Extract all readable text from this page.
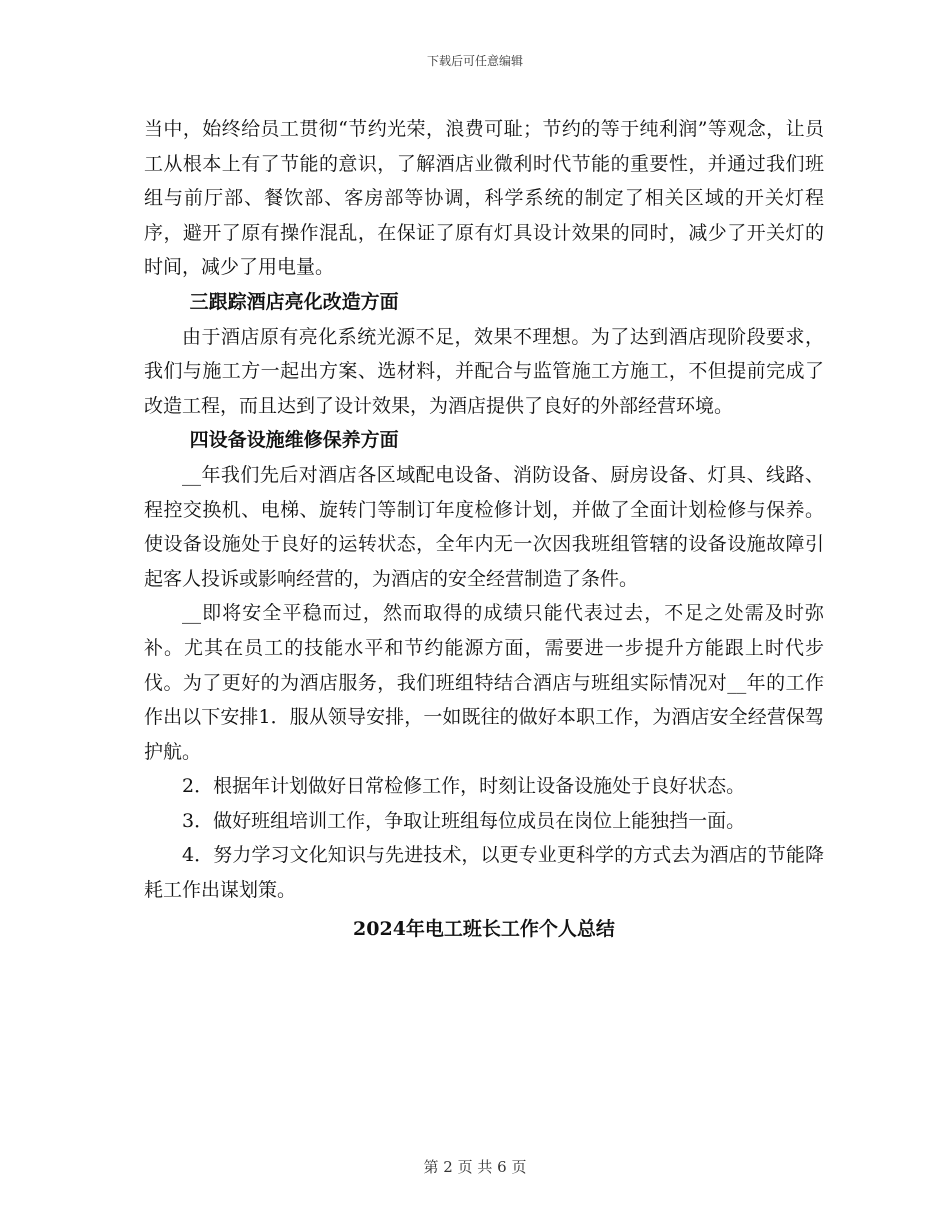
下载后可任意编辑

当中，始终给员工贯彻“节约光荣，浪费可耻；节约的等于纯利润”等观念，让员工从根本上有了节能的意识，了解酒店业微利时代节能的重要性，并通过我们班组与前厅部、餐饮部、客房部等协调，科学系统的制定了相关区域的开关灯程序，避开了原有操作混乱，在保证了原有灯具设计效果的同时，减少了开关灯的时间，减少了用电量。

三跟踪酒店亮化改造方面

由于酒店原有亮化系统光源不足，效果不理想。为了达到酒店现阶段要求，我们与施工方一起出方案、选材料，并配合与监管施工方施工，不但提前完成了改造工程，而且达到了设计效果，为酒店提供了良好的外部经营环境。

四设备设施维修保养方面

__年我们先后对酒店各区域配电设备、消防设备、厨房设备、灯具、线路、程控交换机、电梯、旋转门等制订年度检修计划，并做了全面计划检修与保养。使设备设施处于良好的运转状态，全年内无一次因我班组管辖的设备设施故障引起客人投诉或影响经营的，为酒店的安全经营制造了条件。

__即将安全平稳而过，然而取得的成绩只能代表过去，不足之处需及时弥补。尤其在员工的技能水平和节约能源方面，需要进一步提升方能跟上时代步伐。为了更好的为酒店服务，我们班组特结合酒店与班组实际情况对__年的工作作出以下安排1．服从领导安排，一如既往的做好本职工作，为酒店安全经营保驾护航。

2．根据年计划做好日常检修工作，时刻让设备设施处于良好状态。

3．做好班组培训工作，争取让班组每位成员在岗位上能独挡一面。

4．努力学习文化知识与先进技术，以更专业更科学的方式去为酒店的节能降耗工作出谋划策。

2024年电工班长工作个人总结
第 2 页 共 6 页
